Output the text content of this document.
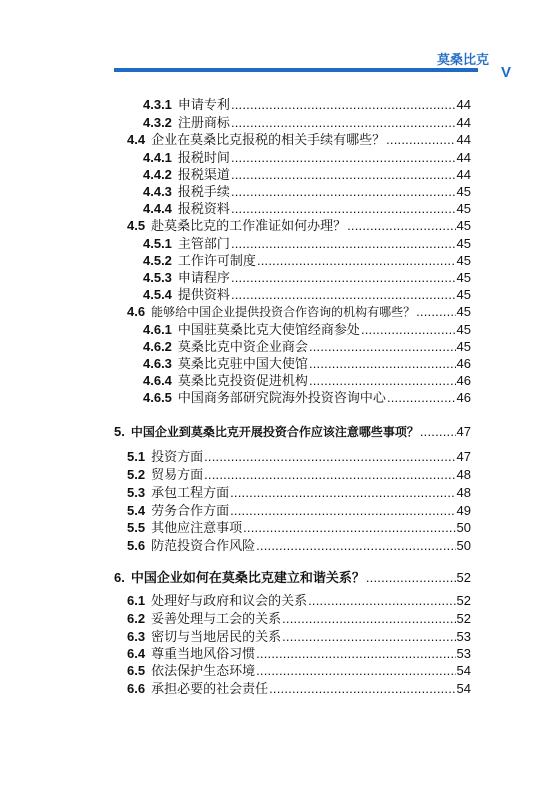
莫桑比克
V
4.3.1 申请专利 .....	44
4.3.2 注册商标 .....	44
4.4 企业在莫桑比克报税的相关手续有哪些？ .....	44
4.4.1 报税时间 .....	44
4.4.2 报税渠道 .....	44
4.4.3 报税手续 .....	45
4.4.4 报税资料 .....	45
4.5 赴莫桑比克的工作准证如何办理？ .....	45
4.5.1 主管部门 .....	45
4.5.2 工作许可制度 .....	45
4.5.3 申请程序 .....	45
4.5.4 提供资料 .....	45
4.6 能够给中国企业提供投资合作咨询的机构有哪些？ .....	45
4.6.1 中国驻莫桑比克大使馆经商参处 .....	45
4.6.2 莫桑比克中资企业商会 .....	45
4.6.3 莫桑比克驻中国大使馆 .....	46
4.6.4 莫桑比克投资促进机构 .....	46
4.6.5 中国商务部研究院海外投资咨询中心 .....	46
5. 中国企业到莫桑比克开展投资合作应该注意哪些事项？ .....	47
5.1 投资方面 .....	47
5.2 贸易方面 .....	48
5.3 承包工程方面 .....	48
5.4 劳务合作方面 .....	49
5.5 其他应注意事项 .....	50
5.6 防范投资合作风险 .....	50
6. 中国企业如何在莫桑比克建立和谐关系？ .....	52
6.1 处理好与政府和议会的关系 .....	52
6.2 妥善处理与工会的关系 .....	52
6.3 密切与当地居民的关系 .....	53
6.4 尊重当地风俗习惯 .....	53
6.5 依法保护生态环境 .....	54
6.6 承担必要的社会责任 .....	54
